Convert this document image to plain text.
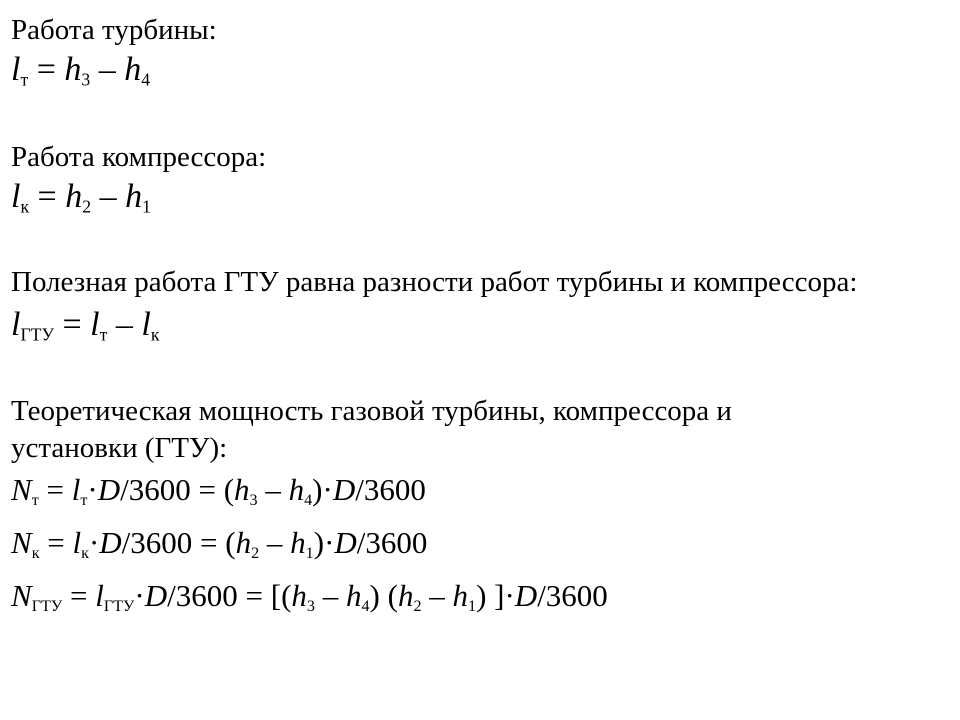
Работа турбины:
$l_т = h_3 - h_4$
Работа компрессора:
$l_к = h_2 - h_1$
Полезная работа ГТУ равна разности работ турбины и компрессора:
$l_{ГТУ} = l_т - l_к$
Теоретическая мощность газовой турбины, компрессора и
установки (ГТУ):
$N_т = l_т\cdot D/3600 = (h_3 - h_4)\cdot D/3600$
$N_к = l_к\cdot D/3600 = (h_2 - h_1)\cdot D/3600$
$N_{ГТУ} = l_{ГТУ}\cdot D/3600 = [(h_3 - h_4)$ $(h_2 - h_1)$ ]·D/3600
